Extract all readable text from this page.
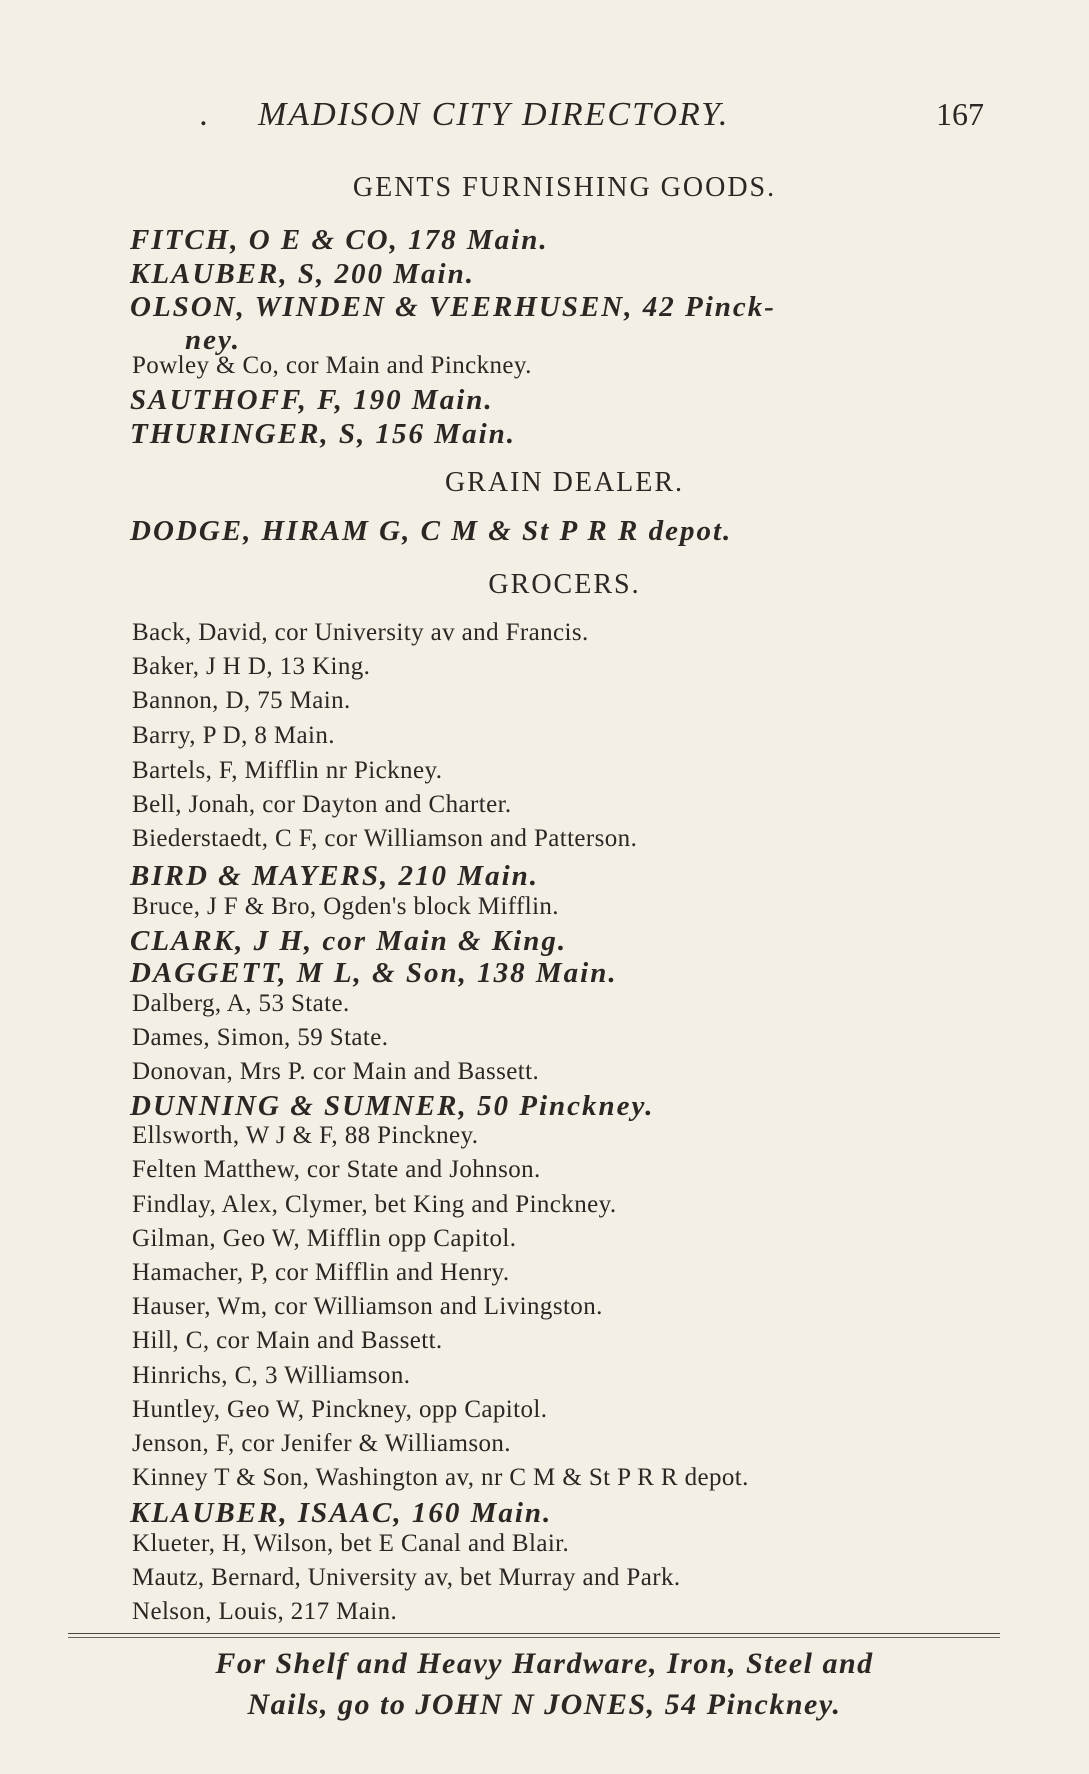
. MADISON CITY DIRECTORY.	167
GENTS FURNISHING GOODS.
FITCH, O E & CO, 178 Main.
KLAUBER, S, 200 Main.
OLSON, WINDEN & VEERHUSEN, 42 Pinck-
ney.
Powley & Co, cor Main and Pinckney.
SAUTHOFF, F, 190 Main.
THURINGER, S, 156 Main.
GRAIN DEALER.
DODGE, HIRAM G, C M & St P R R depot.
GROCERS.
Back, David, cor University av and Francis.
Baker, J H D, 13 King.
Bannon, D, 75 Main.
Barry, P D, 8 Main.
Bartels, F, Mifflin nr Pickney.
Bell, Jonah, cor Dayton and Charter.
Biederstaedt, C F, cor Williamson and Patterson.
BIRD & MAYERS, 210 Main.
Bruce, J F & Bro, Ogden's block Mifflin.
CLARK, J H, cor Main & King.
DAGGETT, M L, & Son, 138 Main.
Dalberg, A, 53 State.
Dames, Simon, 59 State.
Donovan, Mrs P. cor Main and Bassett.
DUNNING & SUMNER, 50 Pinckney.
Ellsworth, W J & F, 88 Pinckney.
Felten Matthew, cor State and Johnson.
Findlay, Alex, Clymer, bet King and Pinckney.
Gilman, Geo W, Mifflin opp Capitol.
Hamacher, P, cor Mifflin and Henry.
Hauser, Wm, cor Williamson and Livingston.
Hill, C, cor Main and Bassett.
Hinrichs, C, 3 Williamson.
Huntley, Geo W, Pinckney, opp Capitol.
Jenson, F, cor Jenifer & Williamson.
Kinney T & Son, Washington av, nr C M & St P R R depot.
KLAUBER, ISAAC, 160 Main.
Klueter, H, Wilson, bet E Canal and Blair.
Mautz, Bernard, University av, bet Murray and Park.
Nelson, Louis, 217 Main.
For Shelf and Heavy Hardware, Iron, Steel and
Nails, go to JOHN N JONES, 54 Pinckney.
